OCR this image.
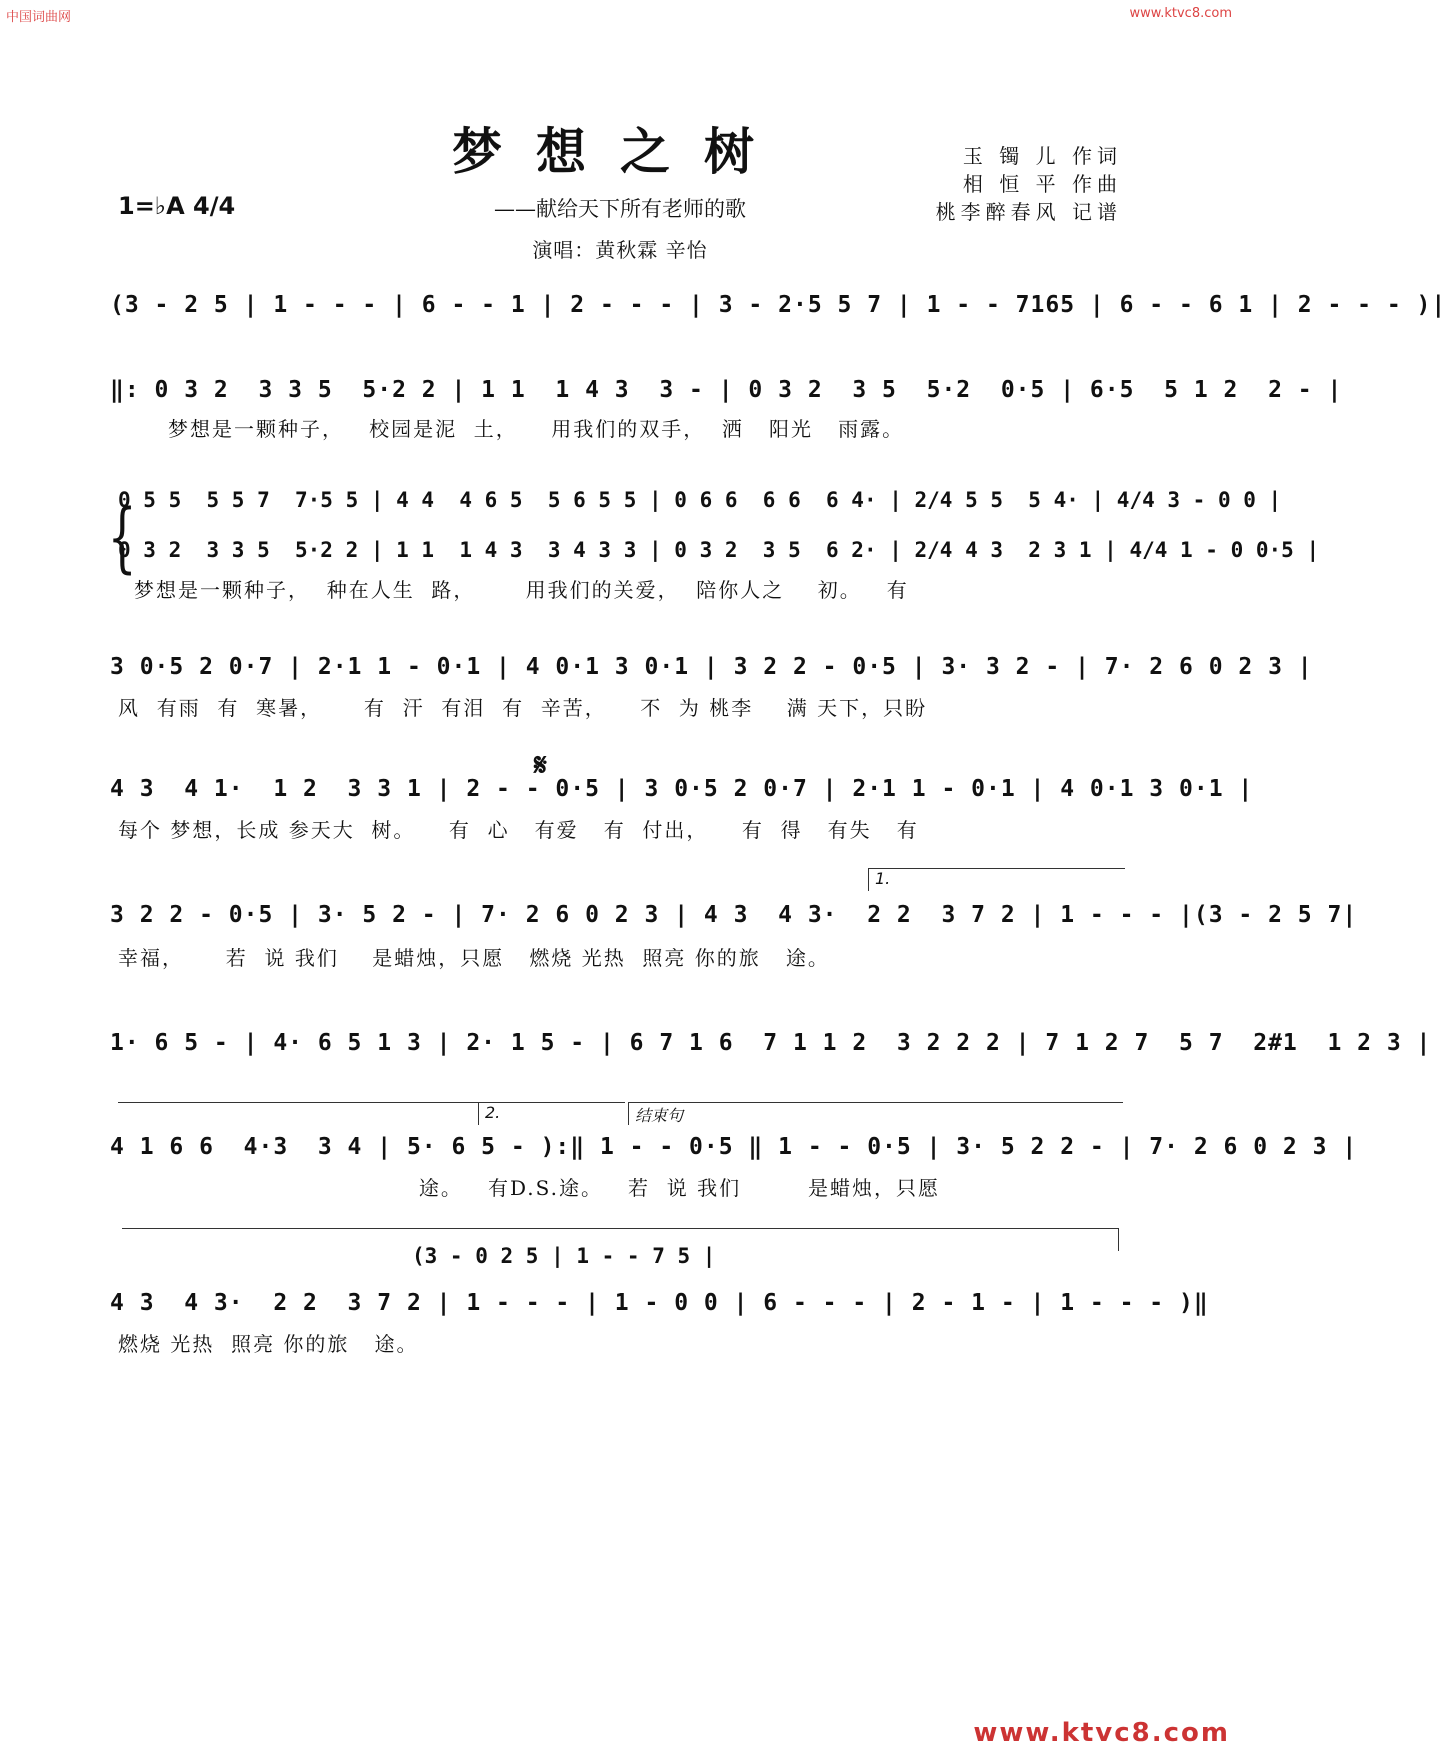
中国词曲网	www.ktvc8.com
梦想之树
——献给天下所有老师的歌
演唱：黄秋霖 辛怡
玉 镯 儿 作词
相 恒 平 作曲
桃李醉春风 记谱
1=♭A 4/4
(3 - 2 5 | 1 - - - | 6 - - 1 | 2 - - - | 3 - 2·5 5 7 | 1 - - 7165 | 6 - - 6 1 | 2 - - - )|
‖: 0 3 2  3 3 5  5·2 2 | 1 1  1 4 3  3 - | 0 3 2  3 5  5·2  0·5 | 6·5  5 1 2  2 - |
梦想是一颗种子，   校园是泥  土，    用我们的双手，  洒   阳光   雨露。
{
0 5 5  5 5 7  7·5 5 | 4 4  4 6 5  5 6 5 5 | 0 6 6  6 6  6 4· | 2/4 5 5  5 4· | 4/4 3 - 0 0 |
0 3 2  3 3 5  5·2 2 | 1 1  1 4 3  3 4 3 3 | 0 3 2  3 5  6 2· | 2/4 4 3  2 3 1 | 4/4 1 - 0 0·5 |
梦想是一颗种子，  种在人生  路，      用我们的关爱，  陪你人之    初。   有
3 0·5 2 0·7 | 2·1 1 - 0·1 | 4 0·1 3 0·1 | 3 2 2 - 0·5 | 3· 3 2 - | 7· 2 6 0 2 3 |
风  有雨  有  寒暑，     有  汗  有泪  有  辛苦，    不  为 桃李    满 天下，只盼
𝄋
4 3  4 1·  1 2  3 3 1 | 2 - - 0·5 | 3 0·5 2 0·7 | 2·1 1 - 0·1 | 4 0·1 3 0·1 |
每个 梦想，长成 参天大  树。    有  心   有爱   有  付出，    有  得   有失   有
1.
3 2 2 - 0·5 | 3· 5 2 - | 7· 2 6 0 2 3 | 4 3  4 3·  2 2  3 7 2 | 1 - - - |(3 - 2 5 7|
幸福，     若  说 我们    是蜡烛，只愿   燃烧 光热  照亮 你的旅   途。
1· 6 5 - | 4· 6 5 1 3 | 2· 1 5 - | 6 7 1 6  7 1 1 2  3 2 2 2 | 7 1 2 7  5 7  2#1  1 2 3 |
2.	结束句
4 1 6 6  4·3  3 4 | 5· 6 5 - ):‖ 1 - - 0·5 ‖ 1 - - 0·5 | 3· 5 2 2 - | 7· 2 6 0 2 3 |
途。   有D.S.途。   若  说 我们        是蜡烛，只愿
(3 - 0 2 5 | 1 - - 7 5 |
4 3  4 3·  2 2  3 7 2 | 1 - - - | 1 - 0 0 | 6 - - - | 2 - 1 - | 1 - - - )‖
燃烧 光热  照亮 你的旅   途。
www.ktvc8.com
